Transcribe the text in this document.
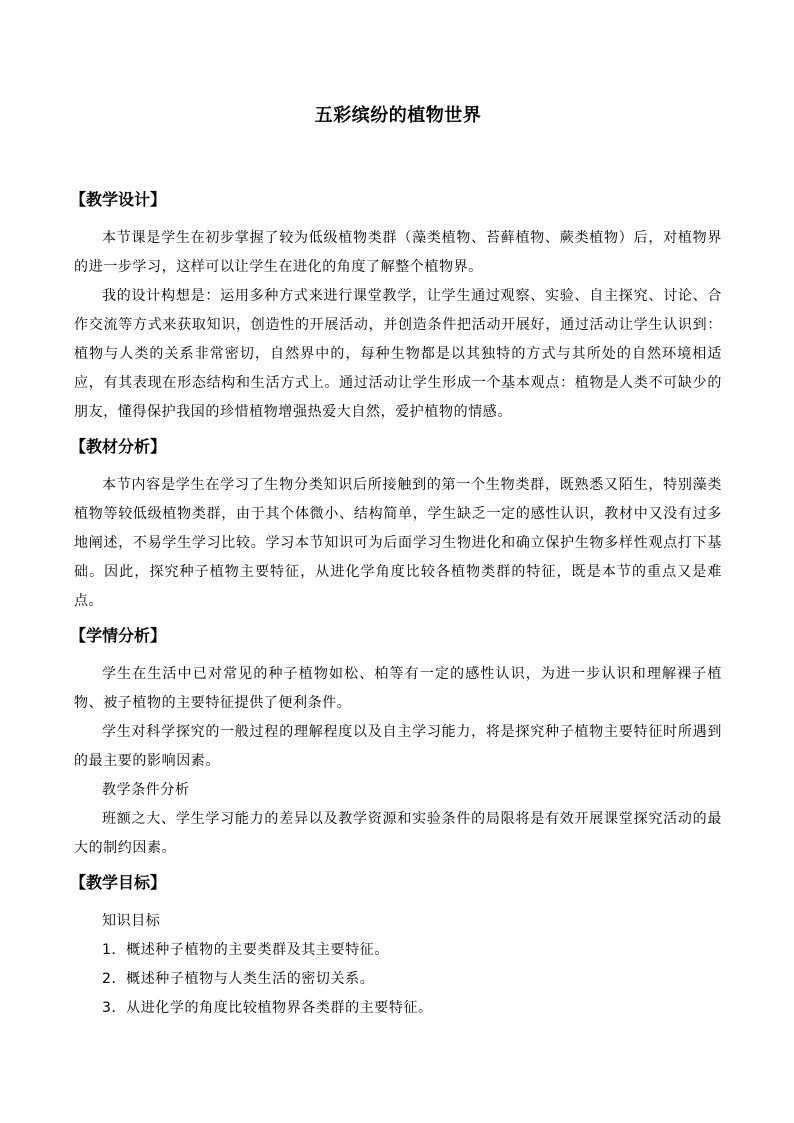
五彩缤纷的植物世界
【教学设计】

本节课是学生在初步掌握了较为低级植物类群（藻类植物、苔藓植物、蕨类植物）后，对植物界的进一步学习，这样可以让学生在进化的角度了解整个植物界。

我的设计构想是：运用多种方式来进行课堂教学，让学生通过观察、实验、自主探究、讨论、合作交流等方式来获取知识，创造性的开展活动，并创造条件把活动开展好，通过活动让学生认识到：植物与人类的关系非常密切，自然界中的，每种生物都是以其独特的方式与其所处的自然环境相适应，有其表现在形态结构和生活方式上。通过活动让学生形成一个基本观点：植物是人类不可缺少的朋友，懂得保护我国的珍惜植物增强热爱大自然，爱护植物的情感。

【教材分析】

本节内容是学生在学习了生物分类知识后所接触到的第一个生物类群，既熟悉又陌生，特别藻类植物等较低级植物类群，由于其个体微小、结构简单，学生缺乏一定的感性认识，教材中又没有过多地阐述，不易学生学习比较。学习本节知识可为后面学习生物进化和确立保护生物多样性观点打下基础。因此，探究种子植物主要特征，从进化学角度比较各植物类群的特征，既是本节的重点又是难点。

【学情分析】

学生在生活中已对常见的种子植物如松、柏等有一定的感性认识，为进一步认识和理解裸子植物、被子植物的主要特征提供了便利条件。

学生对科学探究的一般过程的理解程度以及自主学习能力，将是探究种子植物主要特征时所遇到的最主要的影响因素。

教学条件分析

班额之大、学生学习能力的差异以及教学资源和实验条件的局限将是有效开展课堂探究活动的最大的制约因素。

【教学目标】
知识目标
1．概述种子植物的主要类群及其主要特征。
2．概述种子植物与人类生活的密切关系。
3．从进化学的角度比较植物界各类群的主要特征。
